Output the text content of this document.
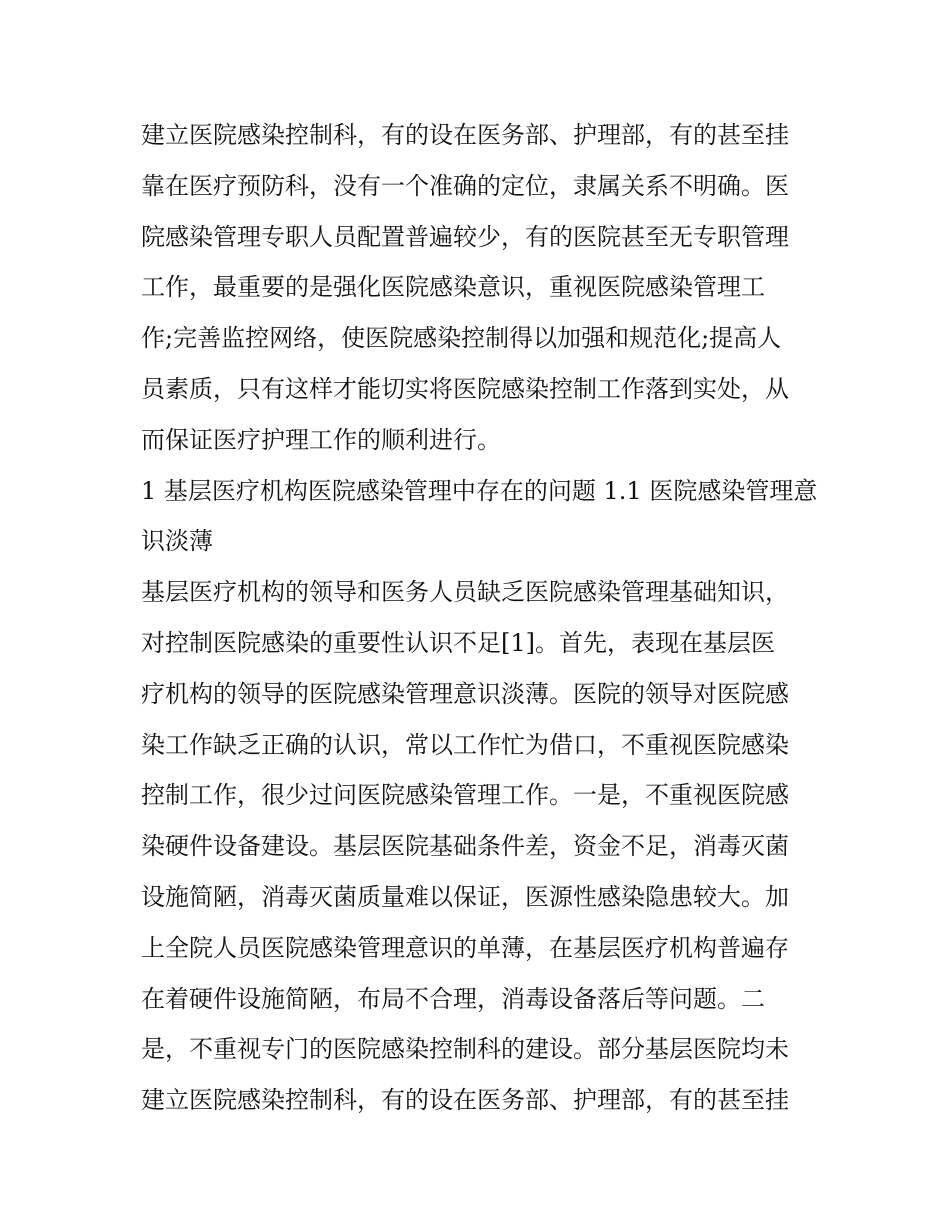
建立医院感染控制科，有的设在医务部、护理部，有的甚至挂
靠在医疗预防科，没有一个准确的定位，隶属关系不明确。医
院感染管理专职人员配置普遍较少，有的医院甚至无专职管理
工作，最重要的是强化医院感染意识，重视医院感染管理工
作;完善监控网络，使医院感染控制得以加强和规范化;提高人
员素质，只有这样才能切实将医院感染控制工作落到实处，从
而保证医疗护理工作的顺利进行。
1 基层医疗机构医院感染管理中存在的问题 1.1 医院感染管理意
识淡薄
基层医疗机构的领导和医务人员缺乏医院感染管理基础知识，
对控制医院感染的重要性认识不足[1]。首先，表现在基层医
疗机构的领导的医院感染管理意识淡薄。医院的领导对医院感
染工作缺乏正确的认识，常以工作忙为借口，不重视医院感染
控制工作，很少过问医院感染管理工作。一是，不重视医院感
染硬件设备建设。基层医院基础条件差，资金不足，消毒灭菌
设施简陋，消毒灭菌质量难以保证，医源性感染隐患较大。加
上全院人员医院感染管理意识的单薄，在基层医疗机构普遍存
在着硬件设施简陋，布局不合理，消毒设备落后等问题。二
是，不重视专门的医院感染控制科的建设。部分基层医院均未
建立医院感染控制科，有的设在医务部、护理部，有的甚至挂
